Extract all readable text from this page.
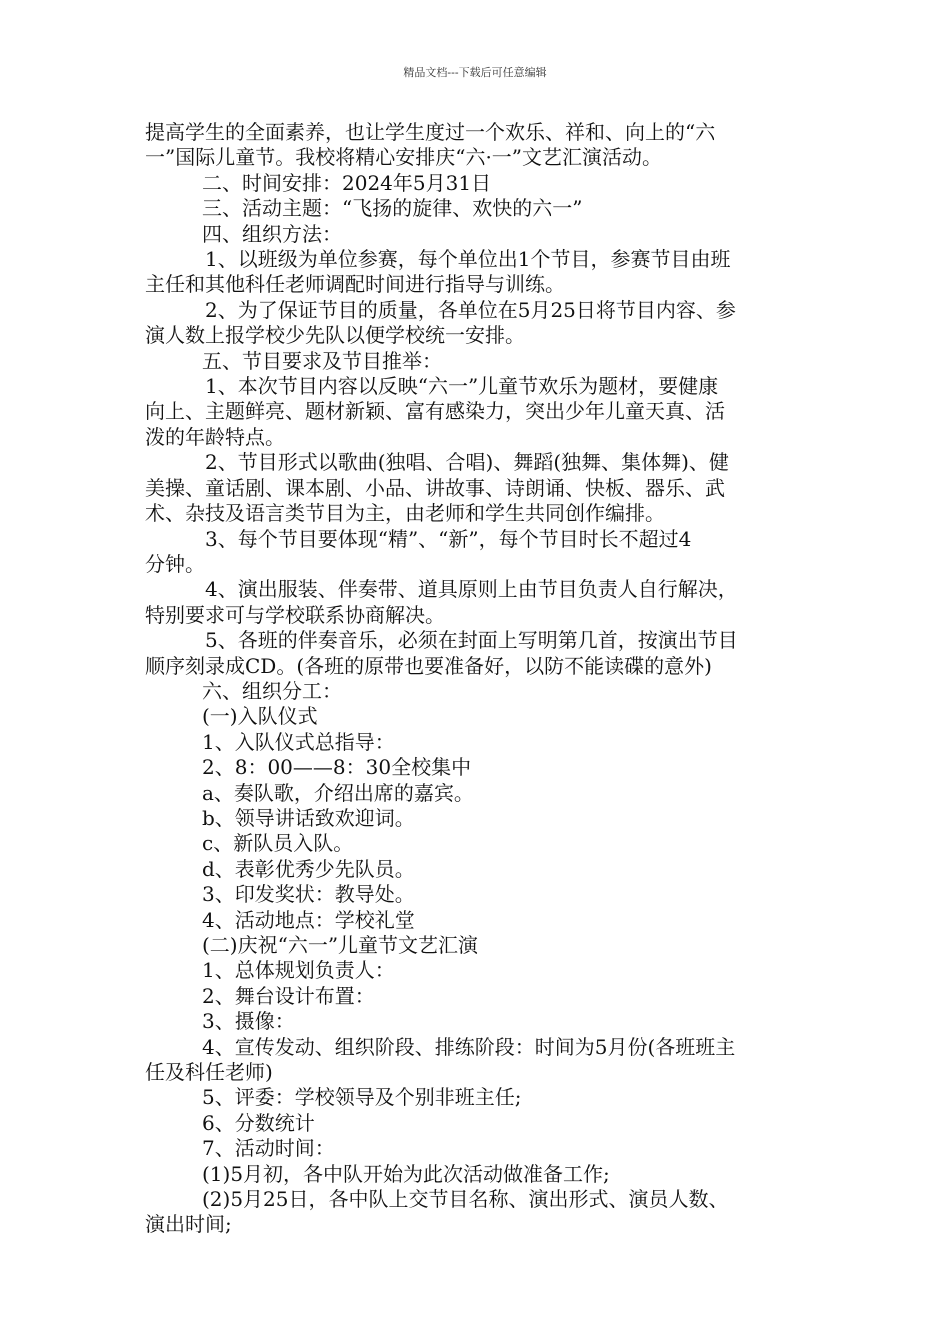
精品文档---下载后可任意编辑
提高学生的全面素养，也让学生度过一个欢乐、祥和、向上的“六
一”国际儿童节。我校将精心安排庆“六·一”文艺汇演活动。
二、时间安排：2024年5月31日
三、活动主题：“飞扬的旋律、欢快的六一”
四、组织方法：
1、以班级为单位参赛，每个单位出1个节目，参赛节目由班
主任和其他科任老师调配时间进行指导与训练。
2、为了保证节目的质量，各单位在5月25日将节目内容、参
演人数上报学校少先队以便学校统一安排。
五、节目要求及节目推举：
1、本次节目内容以反映“六一”儿童节欢乐为题材，要健康
向上、主题鲜亮、题材新颖、富有感染力，突出少年儿童天真、活
泼的年龄特点。
2、节目形式以歌曲(独唱、合唱)、舞蹈(独舞、集体舞)、健
美操、童话剧、课本剧、小品、讲故事、诗朗诵、快板、器乐、武
术、杂技及语言类节目为主，由老师和学生共同创作编排。
3、每个节目要体现“精”、“新”，每个节目时长不超过4
分钟。
4、演出服装、伴奏带、道具原则上由节目负责人自行解决，
特别要求可与学校联系协商解决。
5、各班的伴奏音乐，必须在封面上写明第几首，按演出节目
顺序刻录成CD。(各班的原带也要准备好，以防不能读碟的意外)
六、组织分工：
(一)入队仪式
1、入队仪式总指导：
2、8：00——8：30全校集中
a、奏队歌，介绍出席的嘉宾。
b、领导讲话致欢迎词。
c、新队员入队。
d、表彰优秀少先队员。
3、印发奖状：教导处。
4、活动地点：学校礼堂
(二)庆祝“六一”儿童节文艺汇演
1、总体规划负责人：
2、舞台设计布置：
3、摄像：
4、宣传发动、组织阶段、排练阶段：时间为5月份(各班班主
任及科任老师)
5、评委：学校领导及个别非班主任;
6、分数统计
7、活动时间：
(1)5月初，各中队开始为此次活动做准备工作;
(2)5月25日，各中队上交节目名称、演出形式、演员人数、
演出时间;
